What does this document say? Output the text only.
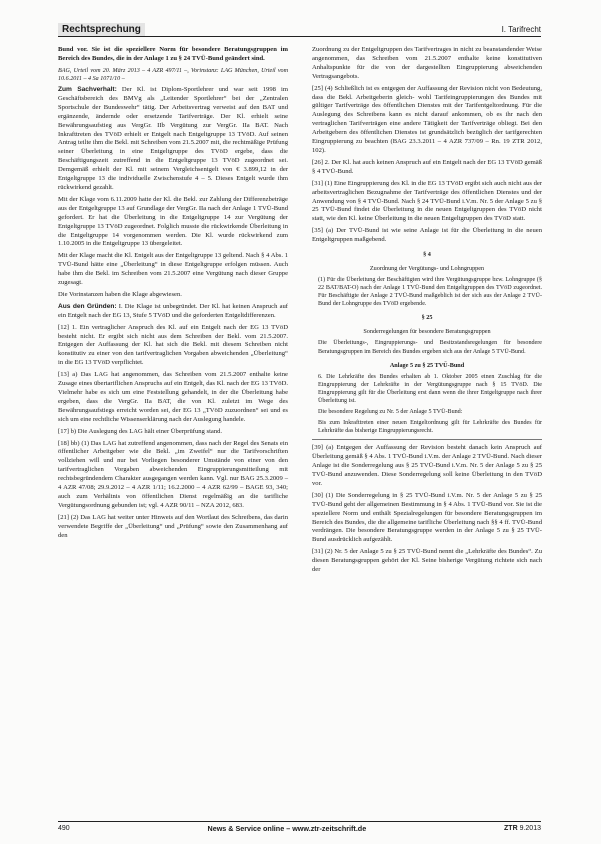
Rechtsprechung	I. Tarifrecht

Bund vor. Sie ist die speziellere Norm für besondere Beratungsgruppen im Bereich des Bundes, die in der Anlage 1 zu § 24 TVÜ-Bund geändert sind.

BAG, Urteil vom 20. März 2013 – 4 AZR 497/11 –, Vorinstanz: LAG München, Urteil vom 10.6.2011 – 4 Sa 1071/10 –

Zum Sachverhalt: Der Kl. ist Diplom-Sportlehrer und war seit 1998 im Geschäftsbereich des BMVg als „Leitender Sportlehrer“ bei der „Zentralen Sportschule der Bundeswehr“ tätig. Der Arbeitsvertrag verweist auf den BAT und ergänzende, ändernde oder ersetzende Tarifverträge. Der Kl. erhielt seine Bewährungsaufstieg aus VergGr. IIb Vergütung zur VergGr. IIa BAT. Nach Inkrafttreten des TVöD erhielt er Entgelt nach Entgeltgruppe 13 TVöD. Auf seinen Antrag teilte ihm die Bekl. mit Schreiben vom 21.5.2007 mit, die rechtmäßige Prüfung seiner Überleitung in eine Entgeltgruppe des TVöD ergebe, dass die Beschäftigungszeit zutreffend in die Entgeltgruppe 13 TVöD zugeordnet sei. Demgemäß erhielt der Kl. mit seinem Vergleichsentgelt von € 3.899,12 in der Entgeltgruppe 13 die individuelle Zwischenstufe 4 – 5. Dieses Entgelt wurde ihm rückwirkend gezahlt.

Mit der Klage vom 6.11.2009 hatte der Kl. die Bekl. zur Zahlung der Differenzbeträge aus der Entgeltgruppe 13 auf Grundlage der VergGr. IIa nach der Anlage 1 TVÜ-Bund gefordert. Er hat die Überleitung in die Entgeltgruppe 14 zur Vergütung der Entgeltgruppe 13 TVöD zugeordnet. Folglich musste die rückwirkende Überleitung in die Entgeltgruppe 14 vorgenommen werden. Die Kl. wurde rückwirkend zum 1.10.2005 in die Entgeltgruppe 13 übergeleitet.

Mit der Klage macht die Kl. Entgelt aus der Entgeltgruppe 13 geltend. Nach § 4 Abs. 1 TVÜ-Bund hätte eine „Überleitung“ in diese Entgeltgruppe erfolgen müssen. Auch habe ihm die Bekl. im Schreiben vom 21.5.2007 eine Vergütung nach dieser Gruppe zugesagt.

Die Vorinstanzen haben die Klage abgewiesen.

Aus den Gründen: I. Die Klage ist unbegründet. Der Kl. hat keinen Anspruch auf ein Entgelt nach der EG 13, Stufe 5 TVöD und die geforderten Entgeltdifferenzen.

[12] 1. Ein vertraglicher Anspruch des Kl. auf ein Entgelt nach der EG 13 TVöD besteht nicht. Er ergibt sich nicht aus dem Schreiben der Bekl. vom 21.5.2007. Entgegen der Auffassung der Kl. hat sich die Bekl. mit diesem Schreiben nicht konstitutiv zu einer von den tarifvertraglichen Vorgaben abweichenden „Überleitung“ in die EG 13 TVöD verpflichtet.

[13] a) Das LAG hat angenommen, das Schreiben vom 21.5.2007 enthalte keine Zusage eines übertariflichen Anspruchs auf ein Entgelt, das Kl. nach der EG 13 TVöD. Vielmehr habe es sich um eine Feststellung gehandelt, in der die Überleitung habe ergeben, dass die VergGr. IIa BAT, die von Kl. zuletzt im Wege des Bewährungsaufstiegs erreicht worden sei, der EG 13 „TVöD zuzuordnen“ sei und es sich um eine rechtliche Wissenserklärung nach der Auslegung handele.

[17] b) Die Auslegung des LAG hält einer Überprüfung stand.

[18] bb) (1) Das LAG hat zutreffend angenommen, dass nach der Regel des Senats ein öffentlicher Arbeitgeber wie die Bekl. „im Zweifel“ nur die Tarifvorschriften vollziehen will und nur bei Vorliegen besonderer Umstände von einer von den tarifvertraglichen Vorgaben abweichenden Eingruppierungsmitteilung mit rechtsbegründendem Charakter ausgegangen werden kann. Vgl. nur BAG 25.3.2009 – 4 AZR 47/08; 29.9.2012 – 4 AZR 1/11; 16.2.2000 – 4 AZR 62/99 – BAGE 93, 340; auch zum Verhältnis von öffentlichen Dienst regelmäßig an die tarifliche Vergütungsordnung gebunden ist; vgl. 4 AZR 90/11 – NZA 2012, 683.

[21] (2) Das LAG hat weiter unter Hinweis auf den Wortlaut des Schreibens, das darin verwendete Begriffe der „Überleitung“ und „Prüfung“ sowie den Zusammenhang auf den

Zuordnung zu der Entgeltgruppen des Tarifvertrages in nicht zu beanstandender Weise angenommen, das Schreiben vom 21.5.2007 enthalte keine konstitutiven Anhaltspunkte für die von der dargestellten Eingruppierung abweichenden Vertragsangebots.

[25] (4) Schließlich ist es entgegen der Auffassung der Revision nicht von Bedeutung, dass die Bekl. Arbeitgeberin gleich- wohl Tarifeingruppierungen des Bundes mit gültiger Tarifverträge des öffentlichen Dienstes mit der Tarifentgeltordnung. Für die Auslegung des Schreibens kann es nicht darauf ankommen, ob es ihr nach den vertraglichen Tarifverträgen eine andere Tätigkeit der Tarifverträge obliegt. Bei den Arbeitgebern des öffentlichen Dienstes ist grundsätzlich bezüglich der tarifgerechten Eingruppierung zu beachten (BAG 23.3.2011 – 4 AZR 737/09 – Rn. 19 ZTR 2012, 102).

[26] 2. Der Kl. hat auch keinen Anspruch auf ein Entgelt nach der EG 13 TVöD gemäß § 4 TVÜ-Bund.

[31] (1) Eine Eingruppierung des Kl. in die EG 13 TVöD ergibt sich auch nicht aus der arbeitsvertraglichen Bezugnahme der Tarifverträge des öffentlichen Dienstes und der Anwendung von § 4 TVÜ-Bund. Nach § 24 TVÜ-Bund i.V.m. Nr. 5 der Anlage 5 zu § 25 TVÜ-Bund findet die Überleitung in die neuen Entgeltgruppen des TVöD nicht statt, wie den Kl. keine Überleitung in die neuen Entgeltgruppen des TVöD statt.

[35] (a) Der TVÜ-Bund ist wie seine Anlage ist für die Überleitung in die neuen Entgeltgruppen maßgebend.

§ 4
Zuordnung der Vergütungs- und Lohngruppen

(1) Für die Überleitung der Beschäftigten wird ihre Vergütungsgruppe bzw. Lohngruppe (§ 22 BAT/BAT-O) nach der Anlage 1 TVÜ-Bund den Entgeltgruppen des TVöD zugeordnet. Für Beschäftigte der Anlage 2 TVÜ-Bund maßgeblich ist der sich aus der Anlage 2 TVÜ-Bund der Lohngruppe des TVöD ergebende.

§ 25
Sonderregelungen für besondere Beratungsgruppen

Die Überleitungs-, Eingruppierungs- und Besitzstandsregelungen für besondere Beratungsgruppen im Bereich des Bundes ergeben sich aus der Anlage 5 TVÜ-Bund.

Anlage 5 zu § 25 TVÜ-Bund

6. Die Lehrkräfte des Bundes erhalten ab 1. Oktober 2005 einen Zuschlag für die Eingruppierung der Lehrkräfte in der Vergütungsgruppe nach § 15 TVöD. Die Eingruppierung gilt für die Überleitung erst dann wenn die ihrer Entgeltgruppe nach ihrer Überleitung ist.

Die besondere Regelung zu Nr. 5 der Anlage 5 TVÜ-Bund:

Bis zum Inkrafttreten einer neuen Entgeltordnung gilt für Lehrkräfte des Bundes für Lehrkräfte das bisherige Eingruppierungsrecht.

[39] (a) Entgegen der Auffassung der Revision besteht danach kein Anspruch auf Überleitung gemäß § 4 Abs. 1 TVÜ-Bund i.V.m. der Anlage 2 TVÜ-Bund. Nach dieser Anlage ist die Sonderregelung aus § 25 TVÜ-Bund i.V.m. Nr. 5 der Anlage 5 zu § 25 TVÜ-Bund anzuwenden. Diese Sonderregelung soll keine Überleitung in den TVöD vor.

[30] (1) Die Sonderregelung in § 25 TVÜ-Bund i.V.m. Nr. 5 der Anlage 5 zu § 25 TVÜ-Bund geht der allgemeinen Bestimmung in § 4 Abs. 1 TVÜ-Bund vor. Sie ist die speziellere Norm und enthält Spezialregelungen für besondere Beratungsgruppen im Bereich des Bundes, die die allgemeine tarifliche Überleitung nach §§ 4 ff. TVÜ-Bund verdrängen. Die besondere Beratungsgruppe werden in der Anlage 5 zu § 25 TVÜ-Bund ausdrücklich aufgezählt.

[31] (2) Nr. 5 der Anlage 5 zu § 25 TVÜ-Bund nennt die „Lehrkräfte des Bundes“. Zu diesen Beratungsgruppen gehört der Kl. Seine bisherige Vergütung richtete sich nach der

490	News & Service online – www.ztr-zeitschrift.de	ZTR 9.2013
